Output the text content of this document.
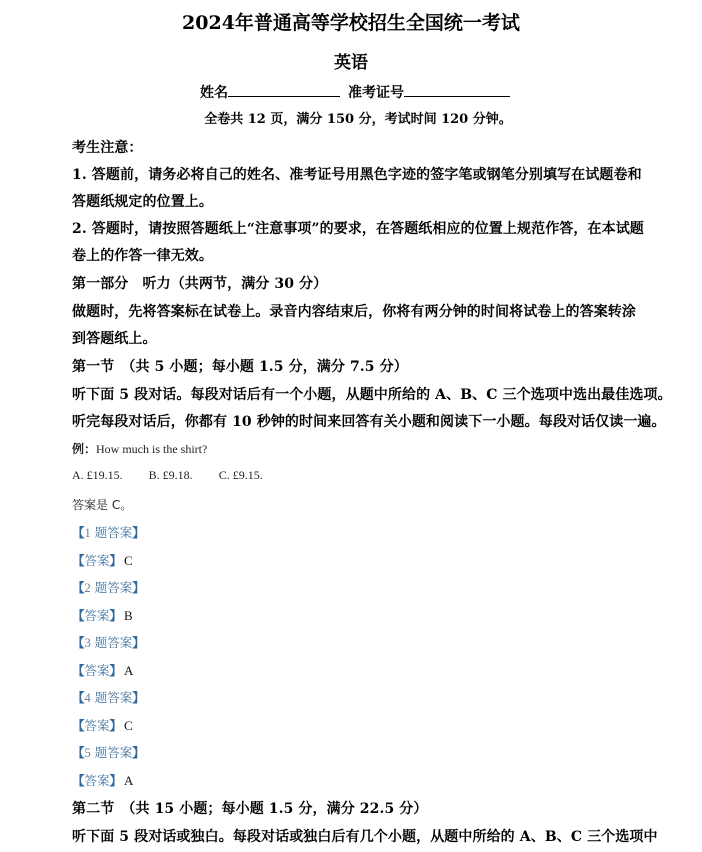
2024年普通高等学校招生全国统一考试
英语
姓名	准考证号
全卷共 12 页，满分 150 分，考试时间 120 分钟。
考生注意：
1. 答题前，请务必将自己的姓名、准考证号用黑色字迹的签字笔或钢笔分别填写在试题卷和
答题纸规定的位置上。
2. 答题时，请按照答题纸上“注意事项”的要求，在答题纸相应的位置上规范作答，在本试题
卷上的作答一律无效。
第一部分　听力（共两节，满分 30 分）
做题时，先将答案标在试卷上。录音内容结束后，你将有两分钟的时间将试卷上的答案转涂
到答题纸上。
第一节　（共 5 小题；每小题 1.5 分，满分 7.5 分）
听下面 5 段对话。每段对话后有一个小题，从题中所给的 A、B、C 三个选项中选出最佳选项。
听完每段对话后，你都有 10 秒钟的时间来回答有关小题和阅读下一小题。每段对话仅读一遍。
例：How much is the shirt?
A. £19.15. B. £9.18. C. £9.15.
答案是 C。
【1 题答案】
【答案】 C
【2 题答案】
【答案】 B
【3 题答案】
【答案】 A
【4 题答案】
【答案】 C
【5 题答案】
【答案】 A
第二节　（共 15 小题；每小题 1.5 分，满分 22.5 分）
听下面 5 段对话或独白。每段对话或独白后有几个小题，从题中所给的 A、B、C 三个选项中
